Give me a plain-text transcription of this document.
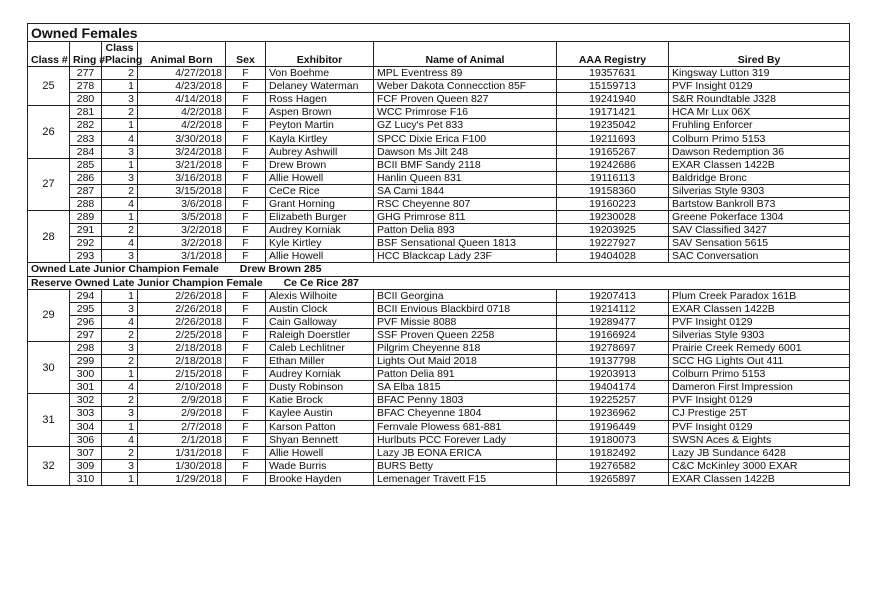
Owned Females								
Class #	Ring #	Class	Animal Born	Sex	Exhibitor	Name of Animal	AAA Registry	Sired By
		Placing						
25	277	2	4/27/2018	F	Von Boehme	MPL Eventress 89	19357631	Kingsway Lutton 319
	278	1	4/23/2018	F	Delaney Waterman	Weber Dakota Connecction 85F	15159713	PVF Insight 0129
	280	3	4/14/2018	F	Ross Hagen	FCF Proven Queen 827	19241940	S&R Roundtable J328
26	281	2	4/2/2018	F	Aspen Brown	WCC Primrose F16	19171421	HCA Mr Lux 06X
	282	1	4/2/2018	F	Peyton Martin	GZ Lucy's Pet 833	19235042	Fruhling Enforcer
	283	4	3/30/2018	F	Kayla Kirtley	SPCC Dixie Erica F100	19211693	Colburn Primo 5153
	284	3	3/24/2018	F	Aubrey Ashwill	Dawson Ms Jilt 248	19165267	Dawson Redemption 36
27	285	1	3/21/2018	F	Drew Brown	BCII BMF Sandy 2118	19242686	EXAR Classen 1422B
	286	3	3/16/2018	F	Allie Howell	Hanlin Queen 831	19116113	Baldridge Bronc
	287	2	3/15/2018	F	CeCe Rice	SA Cami 1844	19158360	Silverias Style 9303
	288	4	3/6/2018	F	Grant Horning	RSC Cheyenne 807	19160223	Bartstow Bankroll B73
28	289	1	3/5/2018	F	Elizabeth Burger	GHG Primrose 811	19230028	Greene Pokerface 1304
	291	2	3/2/2018	F	Audrey Korniak	Patton Delia 893	19203925	SAV Classified 3427
	292	4	3/2/2018	F	Kyle Kirtley	BSF Sensational Queen 1813	19227927	SAV Sensation 5615
	293	3	3/1/2018	F	Allie Howell	HCC Blackcap Lady 23F	19404028	SAC Conversation
Owned Late Junior Champion Female Drew Brown 285								
Reserve Owned Late Junior Champion Female Ce Ce Rice 287								
29	294	1	2/26/2018	F	Alexis Wilhoite	BCII Georgina	19207413	Plum Creek Paradox 161B
	295	3	2/26/2018	F	Austin Clock	BCII Envious Blackbird 0718	19214112	EXAR Classen 1422B
	296	4	2/26/2018	F	Cain Galloway	PVF Missie 8088	19289477	PVF Insight 0129
	297	2	2/25/2018	F	Raleigh Doerstler	SSF Proven Queen 2258	19166924	Silverias Style 9303
30	298	3	2/18/2018	F	Caleb Lechlitner	Pilgrim Cheyenne 818	19278697	Prairie Creek Remedy 6001
	299	2	2/18/2018	F	Ethan Miller	Lights Out Maid 2018	19137798	SCC HG Lights Out 411
	300	1	2/15/2018	F	Audrey Korniak	Patton Delia 891	19203913	Colburn Primo 5153
	301	4	2/10/2018	F	Dusty Robinson	SA Elba 1815	19404174	Dameron First Impression
31	302	2	2/9/2018	F	Katie Brock	BFAC Penny 1803	19225257	PVF Insight 0129
	303	3	2/9/2018	F	Kaylee Austin	BFAC Cheyenne 1804	19236962	CJ Prestige 25T
	304	1	2/7/2018	F	Karson Patton	Fernvale Plowess 681-881	19196449	PVF Insight 0129
	306	4	2/1/2018	F	Shyan Bennett	Hurlbuts PCC Forever Lady	19180073	SWSN Aces & Eights
32	307	2	1/31/2018	F	Allie Howell	Lazy JB EONA ERICA	19182492	Lazy JB Sundance 6428
	309	3	1/30/2018	F	Wade Burris	BURS Betty	19276582	C&C McKinley 3000 EXAR
	310	1	1/29/2018	F	Brooke Hayden	Lemenager Travett F15	19265897	EXAR Classen 1422B
